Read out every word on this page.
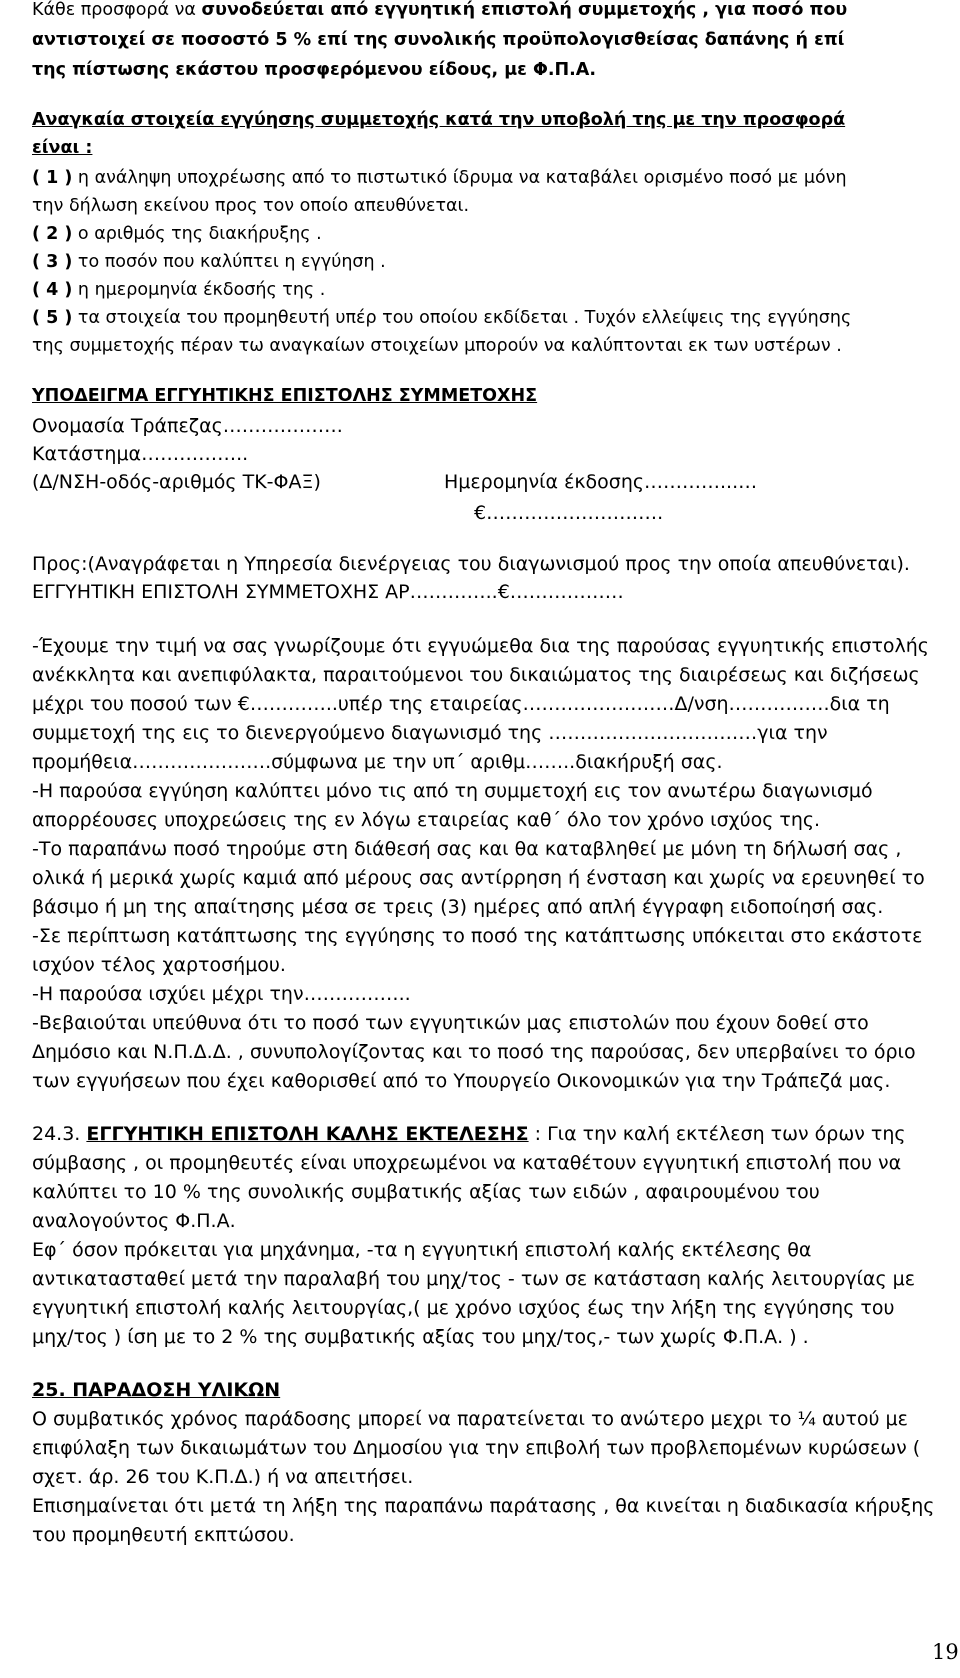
Κάθε προσφορά να συνοδεύεται από εγγυητική επιστολή συμμετοχής , για ποσό που
αντιστοιχεί σε ποσοστό 5 % επί της συνολικής προϋπολογισθείσας δαπάνης ή επί
της πίστωσης εκάστου προσφερόμενου είδους, με Φ.Π.Α.
Αναγκαία στοιχεία εγγύησης συμμετοχής κατά την υποβολή της με την προσφορά
είναι :
( 1 ) η ανάληψη υποχρέωσης από το πιστωτικό ίδρυμα να καταβάλει ορισμένο ποσό με μόνη
την δήλωση εκείνου προς τον οποίο απευθύνεται.
( 2 ) ο αριθμός της διακήρυξης .
( 3 ) το ποσόν που καλύπτει η εγγύηση .
( 4 ) η ημερομηνία έκδοσής της .
( 5 ) τα στοιχεία του προμηθευτή υπέρ του οποίου εκδίδεται . Τυχόν ελλείψεις της εγγύησης
της συμμετοχής πέραν τω αναγκαίων στοιχείων μπορούν να καλύπτονται εκ των υστέρων .
ΥΠΟΔΕΙΓΜΑ ΕΓΓΥΗΤΙΚΗΣ ΕΠΙΣΤΟΛΗΣ ΣΥΜΜΕΤΟΧΗΣ
Ονομασία Τράπεζας……………….
Κατάστημα……………..
(Δ/ΝΣΗ-οδός-αριθμός ΤΚ-ΦΑΞ)	Ημερομηνία έκδοσης…………...…
€……………………….
Προς:(Αναγράφεται η Υπηρεσία διενέργειας του διαγωνισμού προς την οποία απευθύνεται).
ΕΓΓΥΗΤΙΚΗ ΕΠΙΣΤΟΛΗ ΣΥΜΜΕΤΟΧΗΣ ΑΡ…………..€………………
-Έχουμε την τιμή να σας γνωρίζουμε ότι εγγυώμεθα δια της παρούσας εγγυητικής επιστολής
ανέκκλητα και ανεπιφύλακτα, παραιτούμενοι του δικαιώματος της διαιρέσεως και διζήσεως
μέχρι του ποσού των €…………..υπέρ της εταιρείας……………………Δ/νση…………….δια τη
συμμετοχή της εις το διενεργούμενο διαγωνισμό της ……………………………για την
προμήθεια………………….σύμφωνα με την υπ΄ αριθμ……..διακήρυξή σας.
-Η παρούσα εγγύηση καλύπτει μόνο τις από τη συμμετοχή εις τον ανωτέρω διαγωνισμό
απορρέουσες υποχρεώσεις της εν λόγω εταιρείας καθ΄ όλο τον χρόνο ισχύος της.
-Το παραπάνω ποσό τηρούμε στη διάθεσή σας και θα καταβληθεί με μόνη τη δήλωσή σας ,
ολικά ή μερικά χωρίς καμιά από μέρους σας αντίρρηση ή ένσταση και χωρίς να ερευνηθεί το
βάσιμο ή μη της απαίτησης μέσα σε τρεις (3) ημέρες από απλή έγγραφη ειδοποίησή σας.
-Σε περίπτωση κατάπτωσης της εγγύησης το ποσό της κατάπτωσης υπόκειται στο εκάστοτε
ισχύον τέλος χαρτοσήμου.
-Η παρούσα ισχύει μέχρι την……………..
-Βεβαιούται υπεύθυνα ότι το ποσό των εγγυητικών μας επιστολών που έχουν δοθεί στο
Δημόσιο και Ν.Π.Δ.Δ. , συνυπολογίζοντας και το ποσό της παρούσας, δεν υπερβαίνει το όριο
των εγγυήσεων που έχει καθορισθεί από το Υπουργείο Οικονομικών για την Τράπεζά μας.
24.3. ΕΓΓΥΗΤΙΚΗ ΕΠΙΣΤΟΛΗ ΚΑΛΗΣ ΕΚΤΕΛΕΣΗΣ : Για την καλή εκτέλεση των όρων της
σύμβασης , οι προμηθευτές είναι υποχρεωμένοι να καταθέτουν εγγυητική επιστολή που να
καλύπτει το 10 % της συνολικής συμβατικής αξίας των ειδών , αφαιρουμένου του
αναλογούντος Φ.Π.Α.
Εφ΄ όσον πρόκειται για μηχάνημα, -τα η εγγυητική επιστολή καλής εκτέλεσης θα
αντικατασταθεί μετά την παραλαβή του μηχ/τος - των σε κατάσταση καλής λειτουργίας με
εγγυητική επιστολή καλής λειτουργίας,( με χρόνο ισχύος έως την λήξη της εγγύησης του
μηχ/τος ) ίση με το 2 % της συμβατικής αξίας του μηχ/τος,- των χωρίς Φ.Π.Α. ) .
25. ΠΑΡΑΔΟΣΗ ΥΛΙΚΩΝ
Ο συμβατικός χρόνος παράδοσης μπορεί να παρατείνεται το ανώτερο μεχρι το ¼ αυτού με
επιφύλαξη των δικαιωμάτων του Δημοσίου για την επιβολή των προβλεπομένων κυρώσεων (
σχετ. άρ. 26 του Κ.Π.Δ.) ή να απειτήσει.
Επισημαίνεται ότι μετά τη λήξη της παραπάνω παράτασης , θα κινείται η διαδικασία κήρυξης
του προμηθευτή εκπτώσου.
19
